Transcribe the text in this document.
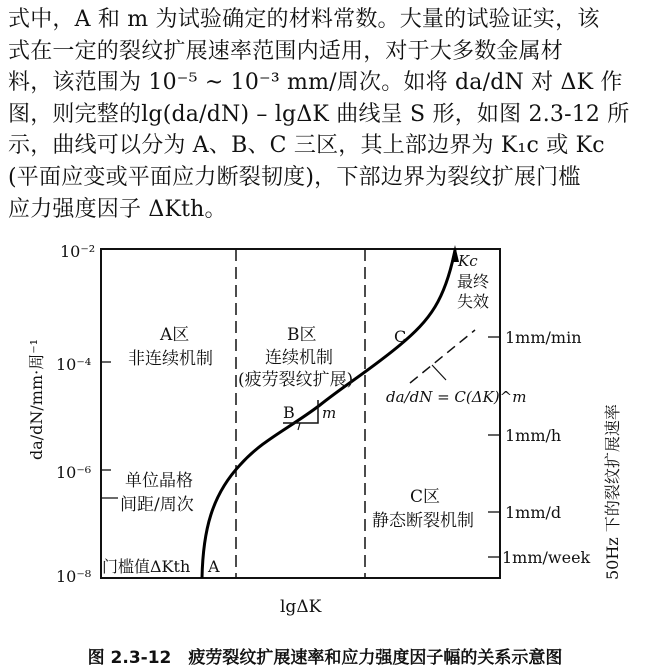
式中，A 和 m 为试验确定的材料常数。大量的试验证实，该
式在一定的裂纹扩展速率范围内适用，对于大多数金属材
料，该范围为 10⁻⁵ ~ 10⁻³ mm/周次。如将 da/dN 对 ΔK 作
图，则完整的lg(da/dN) – lgΔK 曲线呈 S 形，如图 2.3-12 所
示，曲线可以分为 A、B、C 三区，其上部边界为 K₁c 或 Kc
(平面应变或平面应力断裂韧度)，下部边界为裂纹扩展门槛
应力强度因子 ΔKth。
10⁻²
10⁻⁴
10⁻⁶
10⁻⁸
da/dN/mm·周⁻¹
lgΔK
1mm/min
1mm/h
1mm/d
1mm/week 50Hz 下的裂纹扩展速率
A区
非连续机制
B区
连续机制
(疲劳裂纹扩展)
C区
静态断裂机制
单位晶格
间距/周次
门槛值ΔKth A
B
C
m
Kc
最终
失效
da/dN = C(ΔK)^m
图 2.3-12　疲劳裂纹扩展速率和应力强度因子幅的关系示意图
